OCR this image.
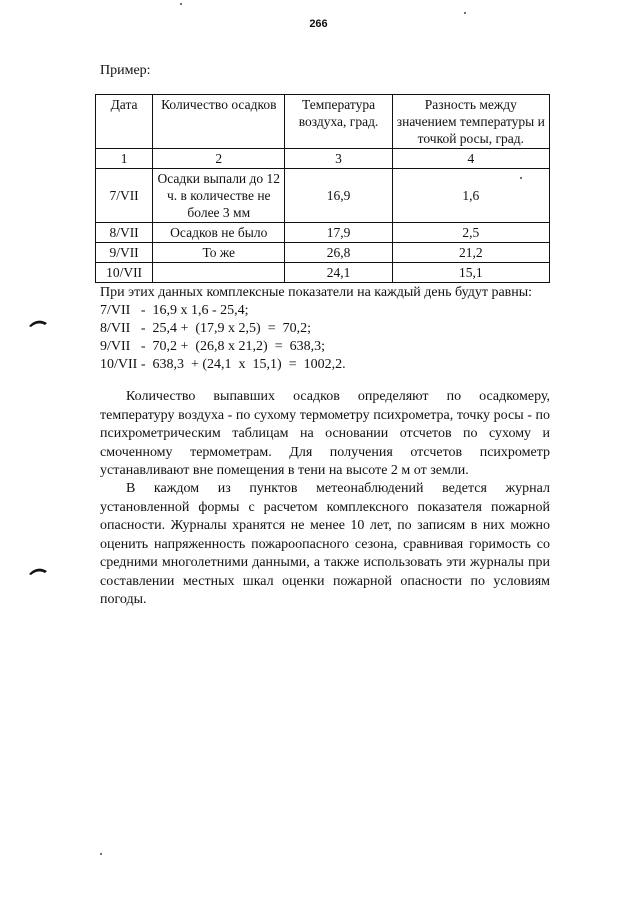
266
Пример:
Дата	Количество осадков	Температура воздуха, град.	Разность между значением температуры и точкой росы, град.
1	2	3	4
7/VII	Осадки выпали до 12 ч. в количестве не более 3 мм	16,9	1,6
8/VII	Осадков не было	17,9	2,5
9/VII	То же	26,8	21,2
10/VII		24,1	15,1
При этих данных комплексные показатели на каждый день будут равны:
7/VII   -  16,9 x 1,6 - 25,4;
8/VII   -  25,4 +  (17,9 x 2,5)  =  70,2;
9/VII   -  70,2 +  (26,8 x 21,2)  =  638,3;
10/VII -  638,3  + (24,1  x  15,1)  =  1002,2.
Количество выпавших осадков определяют по осадкомеру, температуру воздуха - по сухому термометру психрометра, точку росы - по психрометрическим таблицам на основании отсчетов по сухому и смоченному термометрам. Для получения отсчетов психрометр устанавливают вне помещения в тени на высоте 2 м от земли.
В каждом из пунктов метеонаблюдений ведется журнал установленной формы с расчетом комплексного показателя пожарной опасности. Журналы хранятся не менее 10 лет, по записям в них можно оценить напряженность пожароопасного сезона, сравнивая горимость со средними многолетними данными, а также использовать эти журналы при составлении местных шкал оценки пожарной опасности по условиям погоды.
